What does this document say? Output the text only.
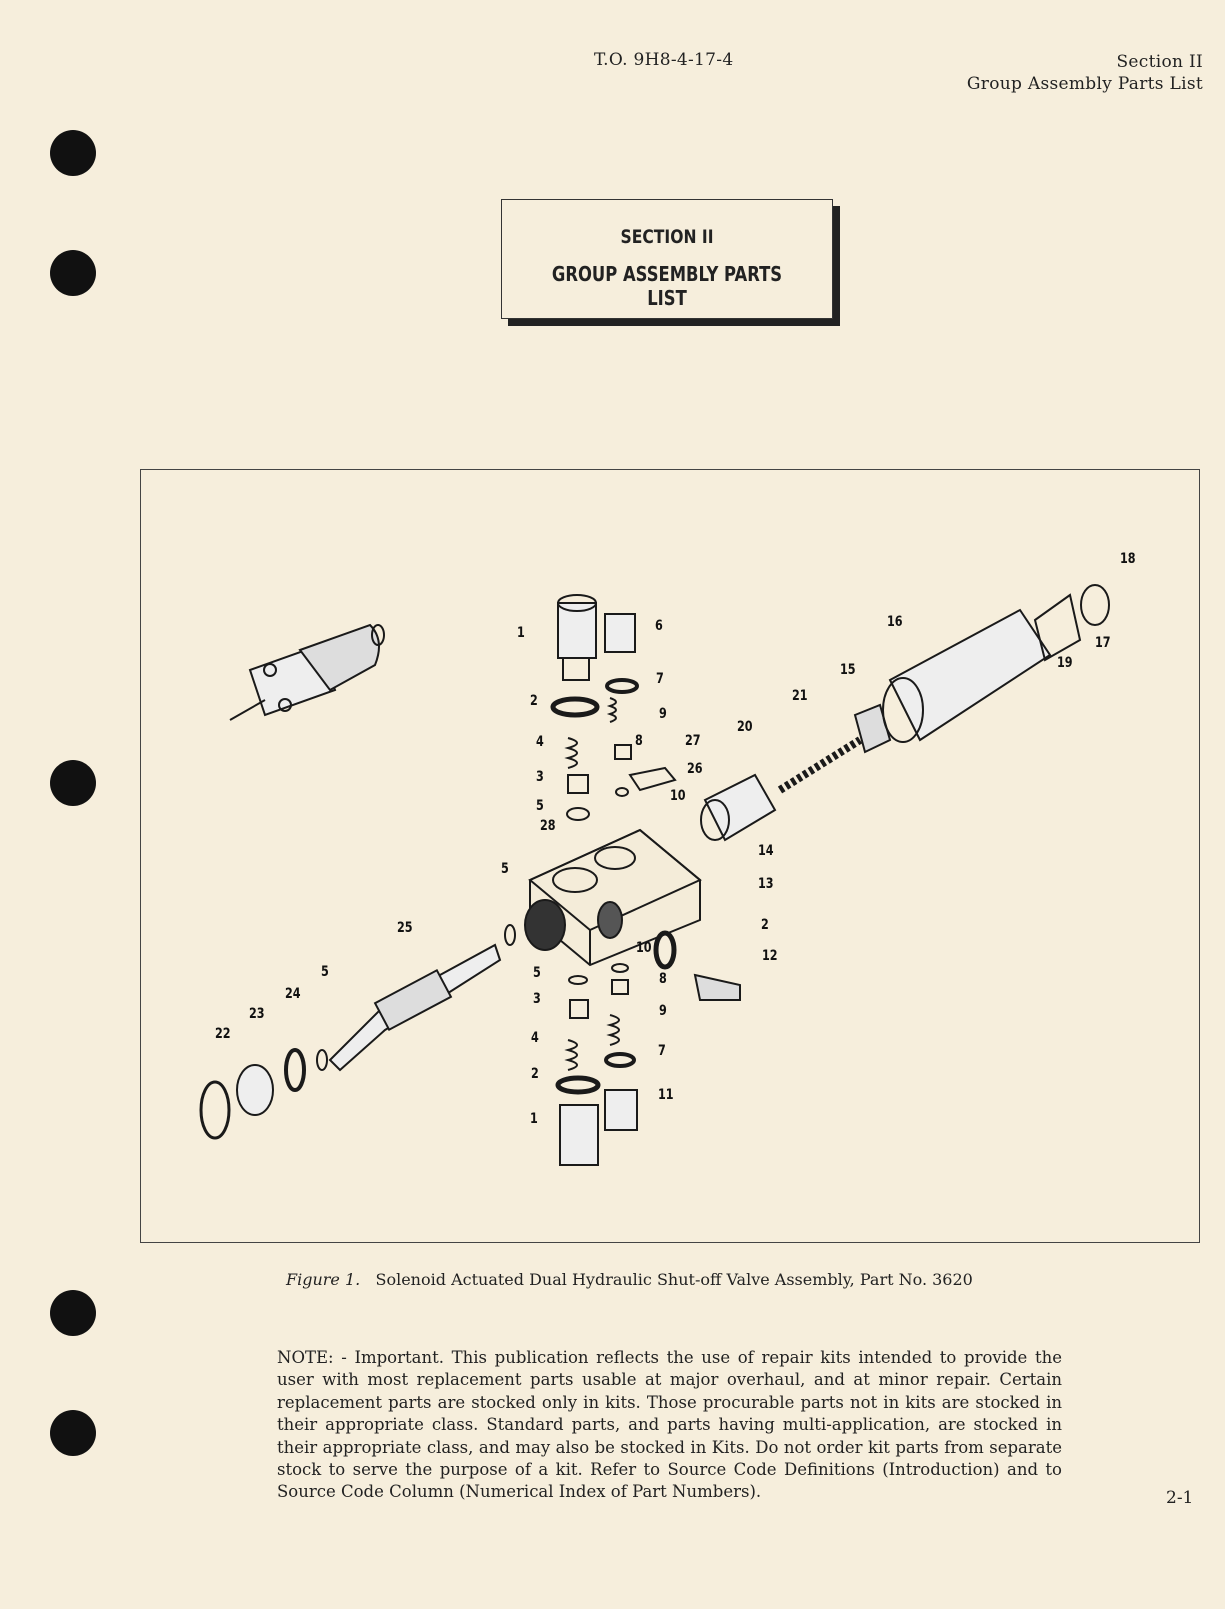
T.O. 9H8-4-17-4	Section II
Group Assembly Parts List
SECTION II
GROUP ASSEMBLY PARTS LIST
1	6
7
2
9
4	8	27
26
20
3
10
5
28
14
5
13
21
15
16
19
17
18
25	2
12
10
5	8
3
9
4
7
2
11
1
22
23
24
5
Figure 1. Solenoid Actuated Dual Hydraulic Shut-off Valve Assembly, Part No. 3620
NOTE: - Important. This publication reflects the use of repair kits intended to provide the user with most replacement parts usable at major overhaul, and at minor repair. Certain replacement parts are stocked only in kits. Those procurable parts not in kits are stocked in their appropriate class. Standard parts, and parts having multi-application, are stocked in their appropriate class, and may also be stocked in Kits. Do not order kit parts from separate stock to serve the purpose of a kit. Refer to Source Code Definitions (Introduction) and to Source Code Column (Numerical Index of Part Numbers).	2-1
